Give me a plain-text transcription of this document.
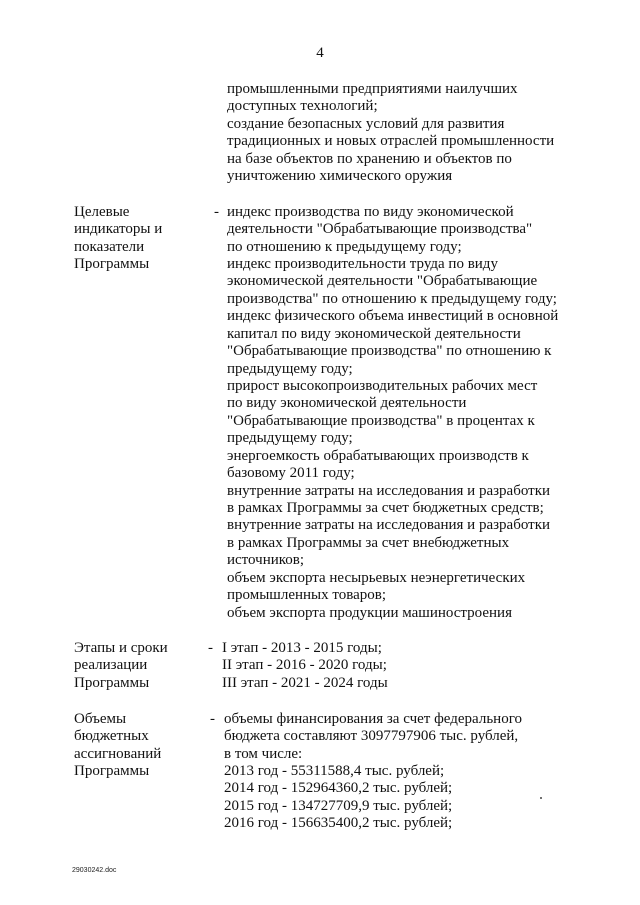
4
промышленными предприятиями наилучших
доступных технологий;
создание безопасных условий для развития
традиционных и новых отраслей промышленности
на базе объектов по хранению и объектов по
уничтожению химического оружия
Целевые
индикаторы и
показатели
Программы
- индекс производства по виду экономической
деятельности "Обрабатывающие производства"
по отношению к предыдущему году;
индекс производительности труда по виду
экономической деятельности "Обрабатывающие
производства" по отношению к предыдущему году;
индекс физического объема инвестиций в основной
капитал по виду экономической деятельности
"Обрабатывающие производства" по отношению к
предыдущему году;
прирост высокопроизводительных рабочих мест
по виду экономической деятельности
"Обрабатывающие производства" в процентах к
предыдущему году;
энергоемкость обрабатывающих производств к
базовому 2011 году;
внутренние затраты на исследования и разработки
в рамках Программы за счет бюджетных средств;
внутренние затраты на исследования и разработки
в рамках Программы за счет внебюджетных
источников;
объем экспорта несырьевых неэнергетических
промышленных товаров;
объем экспорта продукции машиностроения
Этапы и сроки
реализации
Программы
- I этап - 2013 - 2015 годы;
II этап - 2016 - 2020 годы;
III этап - 2021 - 2024 годы
Объемы
бюджетных
ассигнований
Программы
- объемы финансирования за счет федерального
бюджета составляют 3097797906 тыс. рублей,
в том числе:
2013 год - 55311588,4 тыс. рублей;
2014 год - 152964360,2 тыс. рублей;
2015 год - 134727709,9 тыс. рублей;
2016 год - 156635400,2 тыс. рублей;
29030242.doc
